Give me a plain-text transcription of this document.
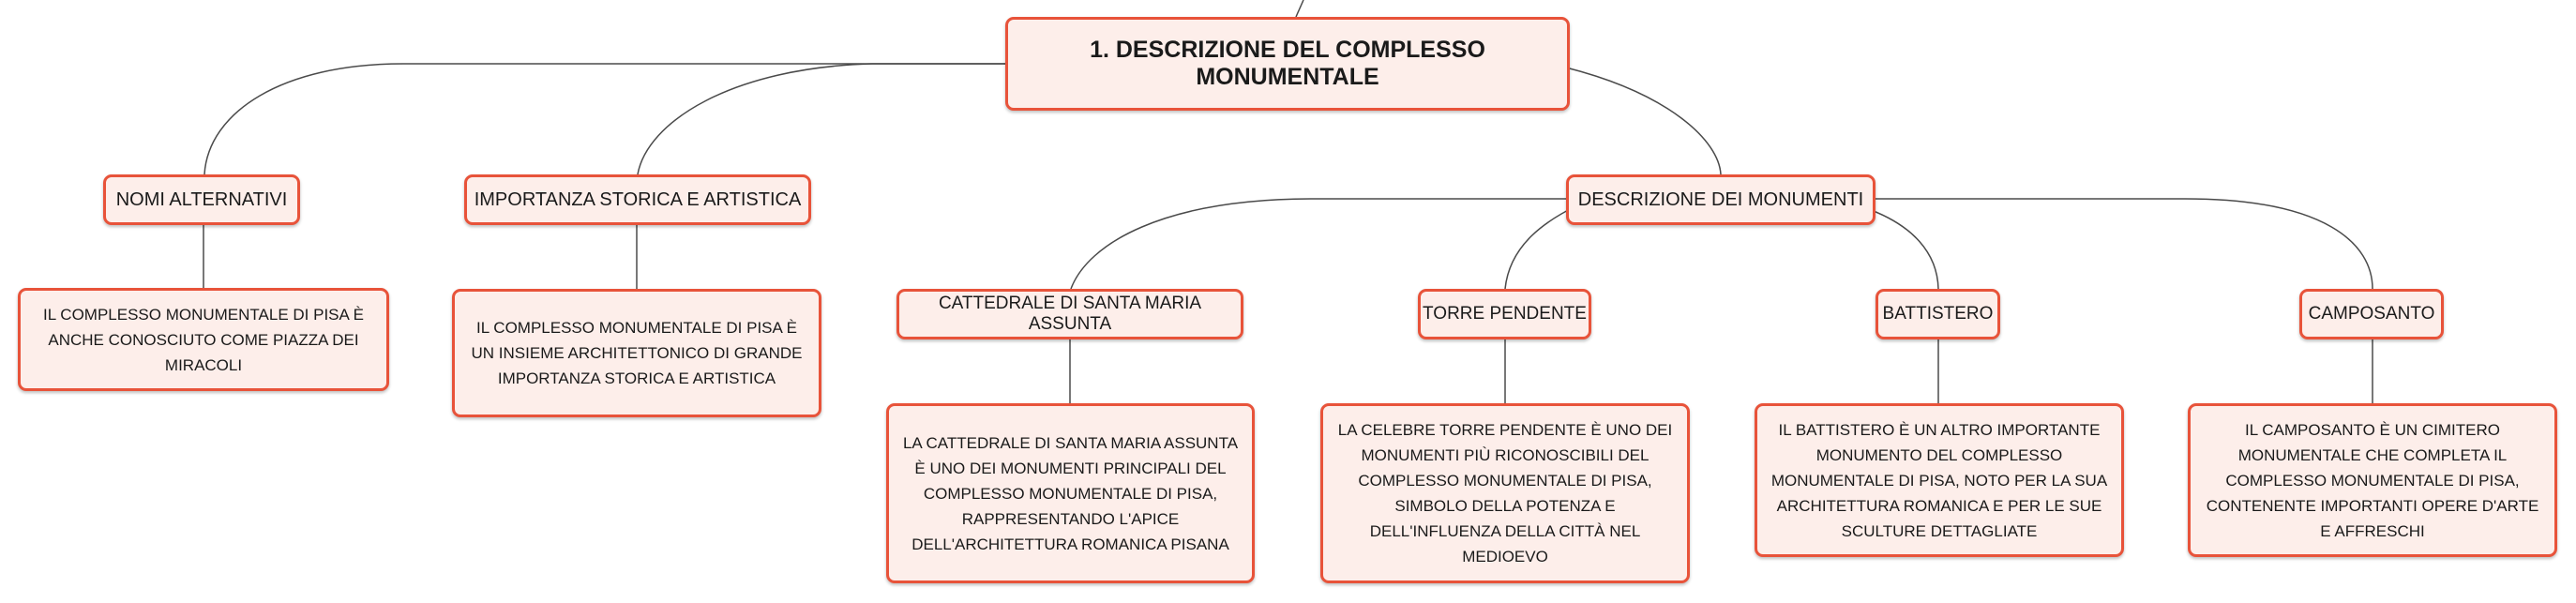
1. DESCRIZIONE DEL COMPLESSO MONUMENTALE
NOMI ALTERNATIVI
IL COMPLESSO MONUMENTALE DI PISA È ANCHE CONOSCIUTO COME PIAZZA DEI MIRACOLI
IMPORTANZA STORICA E ARTISTICA
IL COMPLESSO MONUMENTALE DI PISA È UN INSIEME ARCHITETTONICO DI GRANDE IMPORTANZA STORICA E ARTISTICA
DESCRIZIONE DEI MONUMENTI
CATTEDRALE DI SANTA MARIA ASSUNTA
LA CATTEDRALE DI SANTA MARIA ASSUNTA È UNO DEI MONUMENTI PRINCIPALI DEL COMPLESSO MONUMENTALE DI PISA, RAPPRESENTANDO L'APICE DELL'ARCHITETTURA ROMANICA PISANA
TORRE PENDENTE
LA CELEBRE TORRE PENDENTE È UNO DEI MONUMENTI PIÙ RICONOSCIBILI DEL COMPLESSO MONUMENTALE DI PISA, SIMBOLO DELLA POTENZA E DELL'INFLUENZA DELLA CITTÀ NEL MEDIOEVO
BATTISTERO
IL BATTISTERO È UN ALTRO IMPORTANTE MONUMENTO DEL COMPLESSO MONUMENTALE DI PISA, NOTO PER LA SUA ARCHITETTURA ROMANICA E PER LE SUE SCULTURE DETTAGLIATE
CAMPOSANTO
IL CAMPOSANTO È UN CIMITERO MONUMENTALE CHE COMPLETA IL COMPLESSO MONUMENTALE DI PISA, CONTENENTE IMPORTANTI OPERE D'ARTE E AFFRESCHI
